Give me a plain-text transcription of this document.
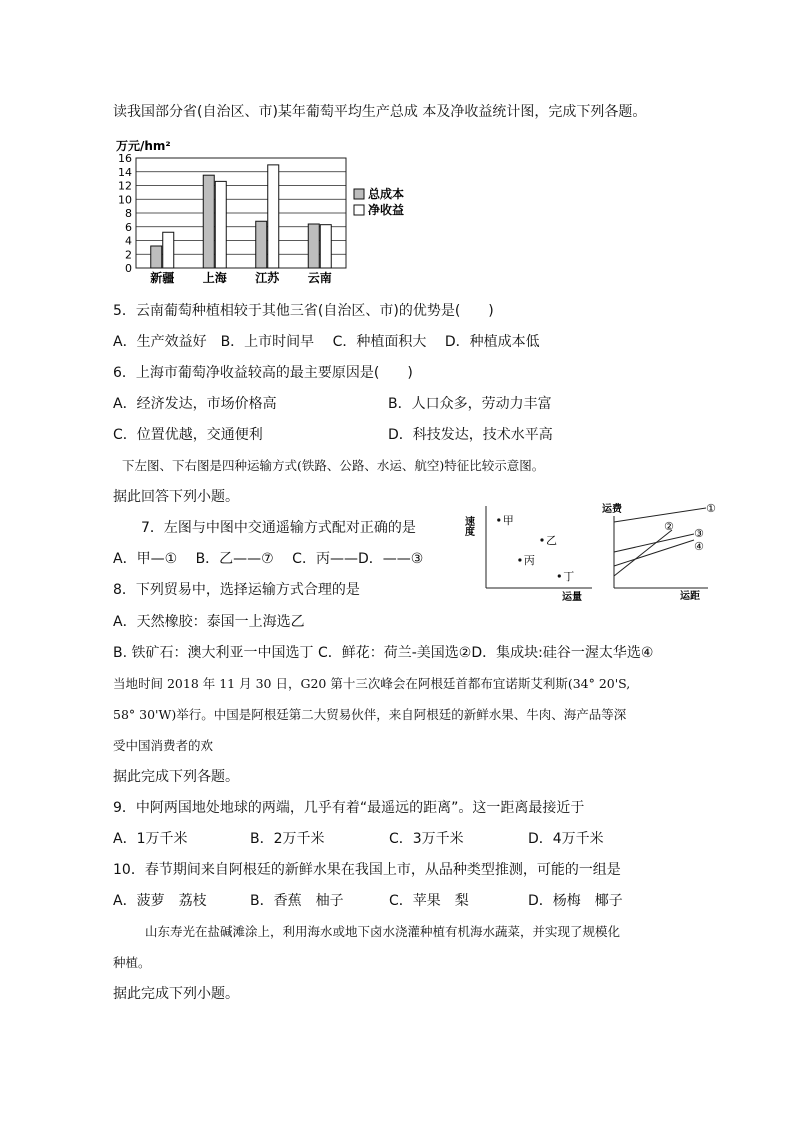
读我国部分省(自治区、市)某年葡萄平均生产总成 本及净收益统计图，完成下列各题。
万元/hm²
0
2
4
6
8
10
12
14
16
新疆 上海 江苏 云南
总成本
净收益
5．云南葡萄种植相较于其他三省(自治区、市)的优势是(　　)
A．生产效益好　B．上市时间早　 C．种植面积大　 D．种植成本低
6．上海市葡萄净收益较高的最主要原因是(　　)
A．经济发达，市场价格高	B．人口众多，劳动力丰富
C．位置优越，交通便利	D．科技发达，技术水平高
下左图、下右图是四种运输方式(铁路、公路、水运、航空)特征比较示意图。
据此回答下列小题。
7．左图与中图中交通遥输方式配对正确的是
A．甲—①　 B．乙——⑦　 C．丙——D．——③
8．下列贸易中，选择运输方式合理的是
A．天然橡胶：泰国一上海选乙
B. 铁矿石：澳大利亚一中国选丁 C．鲜花：荷兰-美国选②D．集成块:硅谷一渥太华选④
速度
运量
甲
乙
丙
丁
运费
运距
①
②
③
④
当地时间 2018 年 11 月 30 日，G20 第十三次峰会在阿根廷首都布宜诺斯艾利斯(34° 20'S,
58° 30'W)举行。中国是阿根廷第二大贸易伙伴，来自阿根廷的新鲜水果、牛肉、海产品等深
受中国消费者的欢
据此完成下列各题。
9．中阿两国地处地球的两端，几乎有着“最遥远的距离”。这一距离最接近于
A．1万千米	B．2万千米	C．3万千米	D．4万千米
10．春节期间来自阿根廷的新鲜水果在我国上市，从品种类型推测，可能的一组是
A．菠萝　荔枝	B．香蕉　柚子	C．苹果　梨	D．杨梅　椰子
山东寿光在盐碱滩涂上，利用海水或地下卤水浇灌种植有机海水蔬菜，并实现了规模化
种植。
据此完成下列小题。
